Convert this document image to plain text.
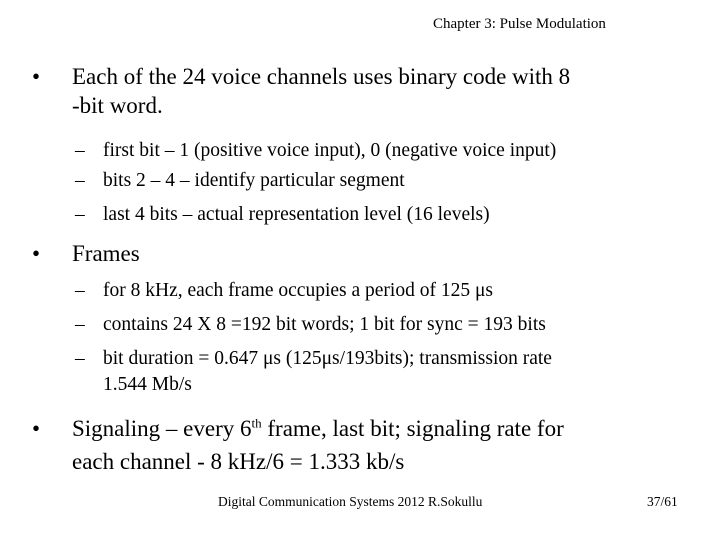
Chapter 3: Pulse Modulation
• Each of the 24 voice channels uses binary code with 8
-bit word.
– first bit – 1 (positive voice input), 0 (negative voice input)
– bits 2 – 4 – identify particular segment
– last 4 bits – actual representation level (16 levels)
• Frames
– for 8 kHz, each frame occupies a period of 125 μs
– contains 24 X 8 =192 bit words; 1 bit for sync = 193 bits
– bit duration = 0.647 μs (125μs/193bits); transmission rate
1.544 Mb/s
• Signaling – every 6th frame, last bit; signaling rate for
each channel - 8 kHz/6 = 1.333 kb/s
Digital Communication Systems 2012 R.Sokullu	37/61
